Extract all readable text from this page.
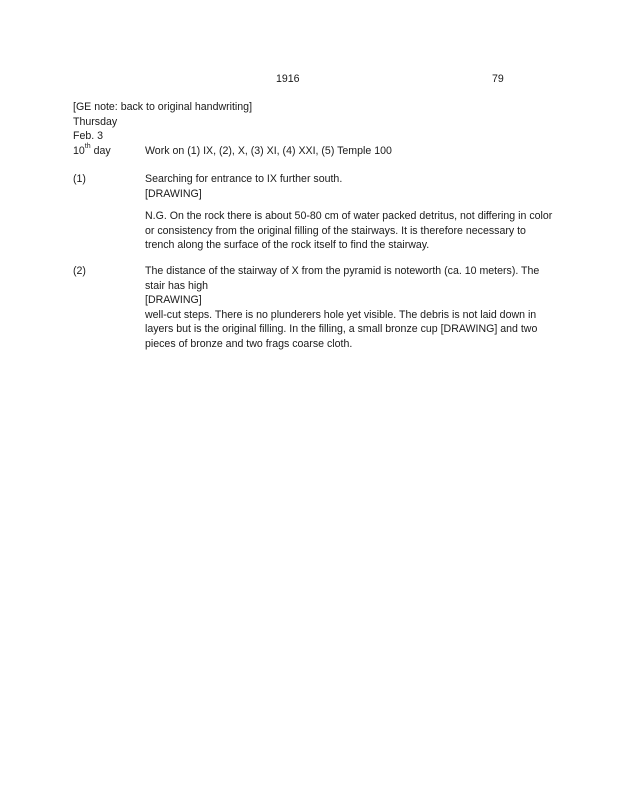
1916	79
[GE note: back to original handwriting]
Thursday
Feb. 3
10th day	Work on (1) IX, (2), X, (3) XI, (4) XXI, (5) Temple 100
(1)	Searching for entrance to IX further south.
[DRAWING]
N.G. On the rock there is about 50-80 cm of water packed detritus, not differing in color
or consistency from the original filling of the stairways. It is therefore necessary to
trench along the surface of the rock itself to find the stairway.
(2)	The distance of the stairway of X from the pyramid is noteworth (ca. 10 meters). The
stair has high
[DRAWING]
well-cut steps. There is no plunderers hole yet visible. The debris is not laid down in
layers but is the original filling. In the filling, a small bronze cup [DRAWING] and two
pieces of bronze and two frags coarse cloth.
